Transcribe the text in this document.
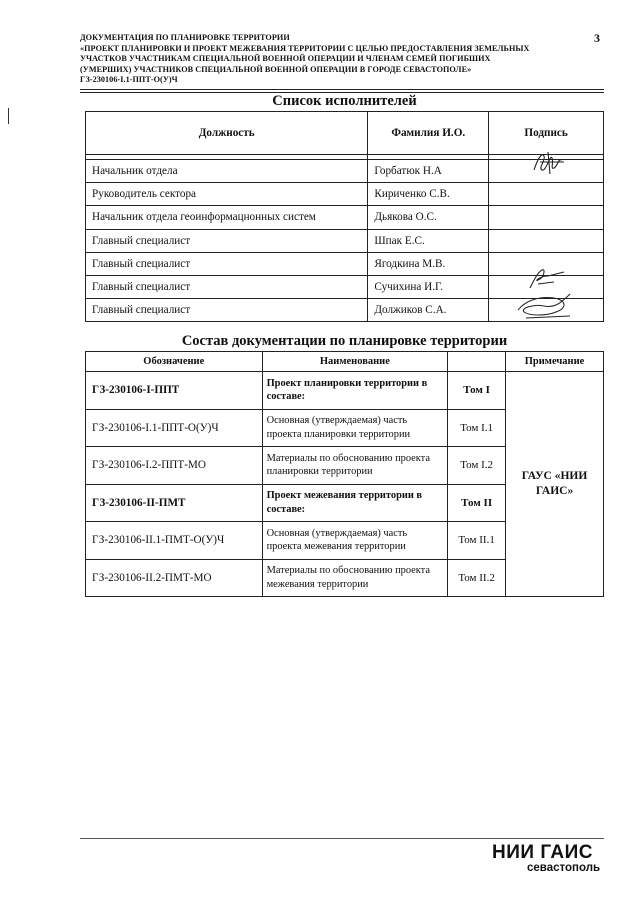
ДОКУМЕНТАЦИЯ ПО ПЛАНИРОВКЕ ТЕРРИТОРИИ
«ПРОЕКТ ПЛАНИРОВКИ И ПРОЕКТ МЕЖЕВАНИЯ ТЕРРИТОРИИ С ЦЕЛЬЮ ПРЕДОСТАВЛЕНИЯ ЗЕМЕЛЬНЫХ
УЧАСТКОВ УЧАСТНИКАМ СПЕЦИАЛЬНОЙ ВОЕННОЙ ОПЕРАЦИИ И ЧЛЕНАМ СЕМЕЙ ПОГИБШИХ
(УМЕРШИХ) УЧАСТНИКОВ СПЕЦИАЛЬНОЙ ВОЕННОЙ ОПЕРАЦИИ В ГОРОДЕ СЕВАСТОПОЛЕ»
ГЗ-230106-I.1-ППТ-О(У)Ч
3
Список исполнителей
Должность	Фамилия И.О.	Подпись

Начальник отдела	Горбатюк Н.А	
Руководитель сектора	Кириченко С.В.	
Начальник отдела геоинформацнонных систем	Дьякова О.С.	
Главный специалист	Шпак Е.С.	
Главный специалист	Ягодкина М.В.	
Главный специалист	Сучихина И.Г.	
Главный специалист	Должиков С.А.	
Состав документации по планировке территории
Обозначение	Наименование		Примечание
ГЗ-230106-I-ППТ	Проект планировки территории в составе:	Том I	ГАУС «НИИ ГАИС»
ГЗ-230106-I.1-ППТ-О(У)Ч	Основная (утверждаемая) часть проекта планировки территории	Том I.1	
ГЗ-230106-I.2-ППТ-МО	Материалы по обоснованию проекта планировки территории	Том I.2	
ГЗ-230106-II-ПМТ	Проект межевания территории в составе:	Том II	
ГЗ-230106-II.1-ПМТ-О(У)Ч	Основная (утверждаемая) часть проекта межевания территории	Том II.1	
ГЗ-230106-II.2-ПМТ-МО	Материалы по обоснованию проекта межевания территории	Том II.2	
НИИ ГАИС
севастополь
